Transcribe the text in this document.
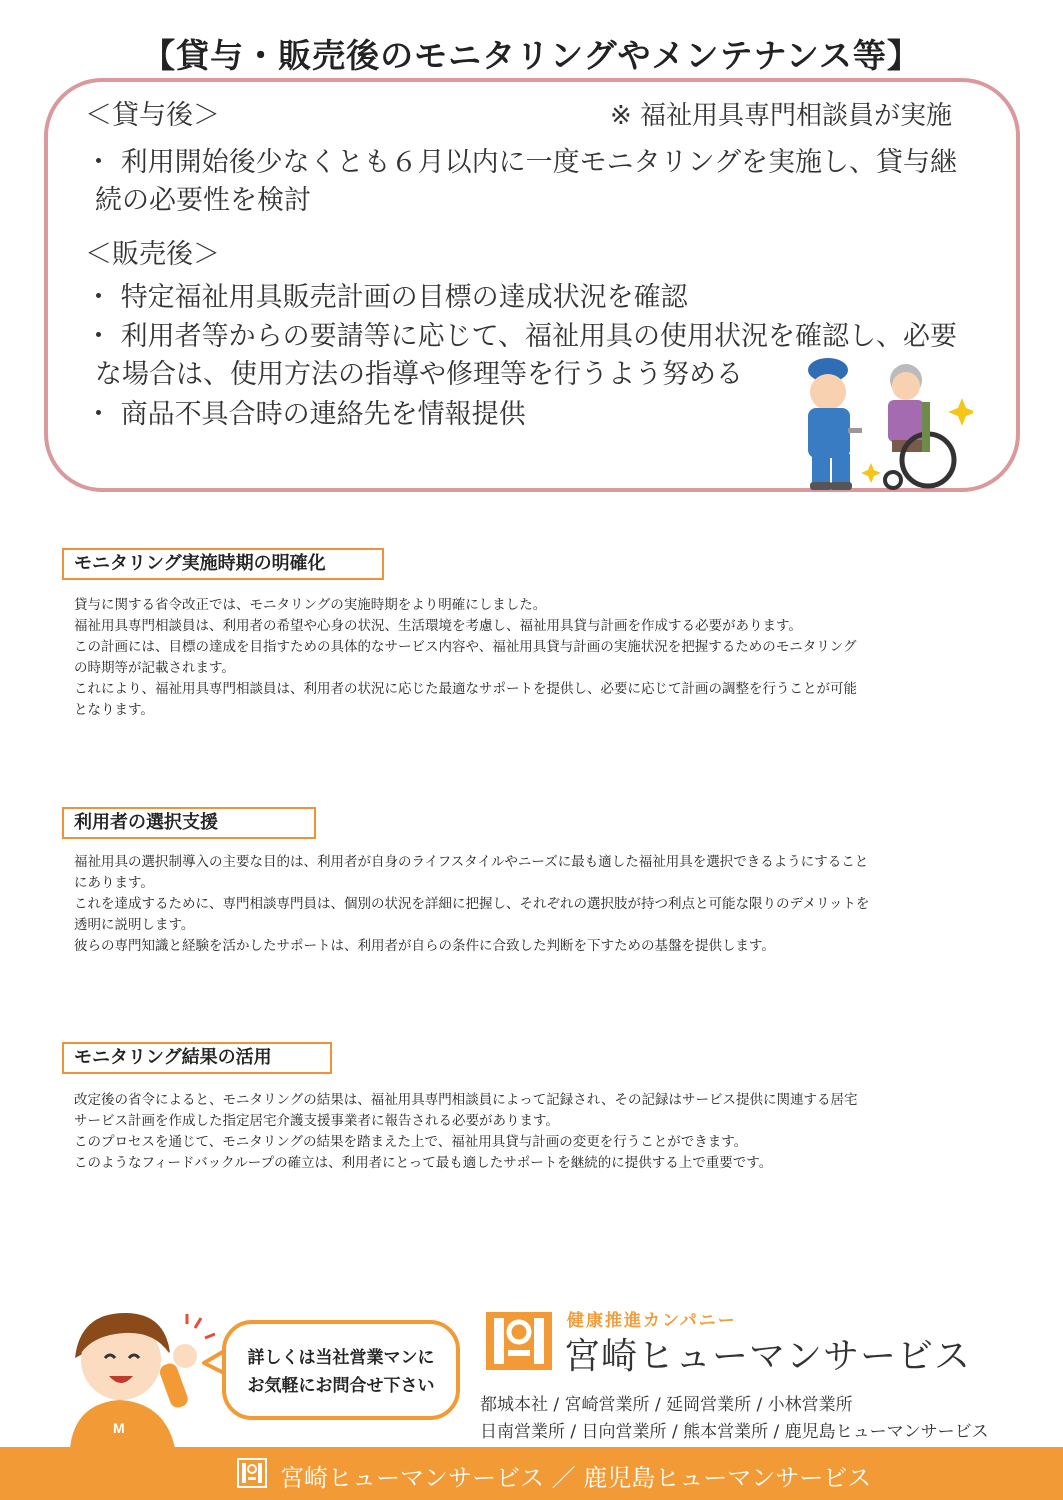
【貸与・販売後のモニタリングやメンテナンス等】
＜貸与後＞	※ 福祉用具専門相談員が実施
・ 利用開始後少なくとも６月以内に一度モニタリングを実施し、貸与継
続の必要性を検討
＜販売後＞
・ 特定福祉用具販売計画の目標の達成状況を確認
・ 利用者等からの要請等に応じて、福祉用具の使用状況を確認し、必要
な場合は、使用方法の指導や修理等を行うよう努める
・ 商品不具合時の連絡先を情報提供
モニタリング実施時期の明確化

貸与に関する省令改正では、モニタリングの実施時期をより明確にしました。

福祉用具専門相談員は、利用者の希望や心身の状況、生活環境を考慮し、福祉用具貸与計画を作成する必要があります。

この計画には、目標の達成を目指すための具体的なサービス内容や、福祉用具貸与計画の実施状況を把握するためのモニタリング
の時期等が記載されます。

これにより、福祉用具専門相談員は、利用者の状況に応じた最適なサポートを提供し、必要に応じて計画の調整を行うことが可能
となります。

利用者の選択支援

福祉用具の選択制導入の主要な目的は、利用者が自身のライフスタイルやニーズに最も適した福祉用具を選択できるようにすること
にあります。

これを達成するために、専門相談専門員は、個別の状況を詳細に把握し、それぞれの選択肢が持つ利点と可能な限りのデメリットを
透明に説明します。

彼らの専門知識と経験を活かしたサポートは、利用者が自らの条件に合致した判断を下すための基盤を提供します。

モニタリング結果の活用

改定後の省令によると、モニタリングの結果は、福祉用具専門相談員によって記録され、その記録はサービス提供に関連する居宅
サービス計画を作成した指定居宅介護支援事業者に報告される必要があります。

このプロセスを通じて、モニタリングの結果を踏まえた上で、福祉用具貸与計画の変更を行うことができます。

このようなフィードバックループの確立は、利用者にとって最も適したサポートを継続的に提供する上で重要です。

M
詳しくは当社営業マンに
お気軽にお問合せ下さい
健康推進カンパニー
宮崎ヒューマンサービス
都城本社 / 宮崎営業所 / 延岡営業所 / 小林営業所
日南営業所 / 日向営業所 / 熊本営業所 / 鹿児島ヒューマンサービス
宮崎ヒューマンサービス ／ 鹿児島ヒューマンサービス
